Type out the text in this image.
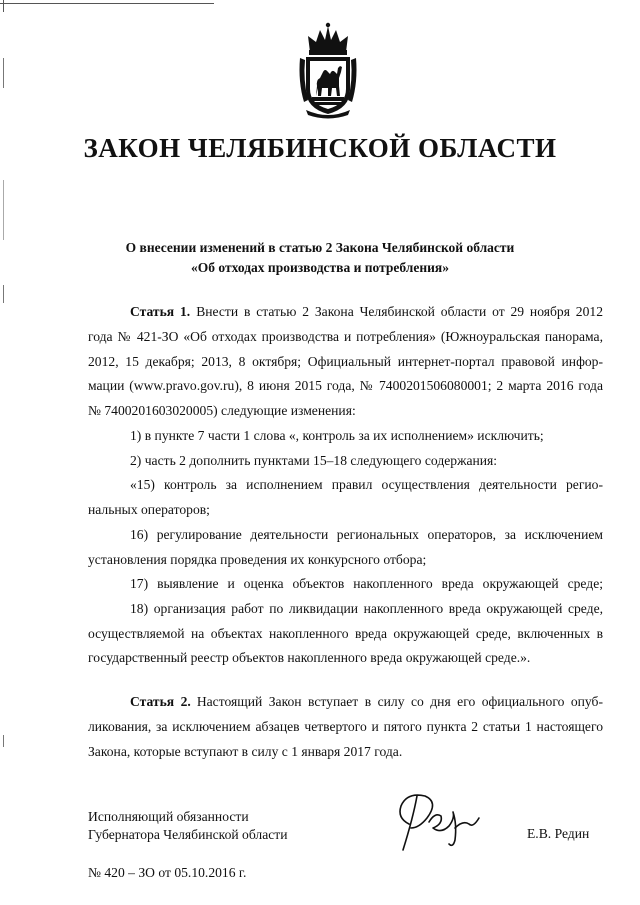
ЗАКОН ЧЕЛЯБИНСКОЙ ОБЛАСТИ
О внесении изменений в статью 2 Закона Челябинской области
«Об отходах производства и потребления»
Статья 1. Внести в статью 2 Закона Челябинской области от 29 ноября 2012
года № 421-ЗО «Об отходах производства и потребления» (Южноуральская панорама,
2012, 15 декабря; 2013, 8 октября; Официальный интернет-портал правовой инфор-
мации (www.pravo.gov.ru), 8 июня 2015 года, № 7400201506080001; 2 марта 2016 года
№ 7400201603020005) следующие изменения:
1) в пункте 7 части 1 слова «, контроль за их исполнением» исключить;
2) часть 2 дополнить пунктами 15–18 следующего содержания:
«15) контроль за исполнением правил осуществления деятельности регио-
нальных операторов;
16) регулирование деятельности региональных операторов, за исключением
установления порядка проведения их конкурсного отбора;
17) выявление и оценка объектов накопленного вреда окружающей среде;
18) организация работ по ликвидации накопленного вреда окружающей среде,
осуществляемой на объектах накопленного вреда окружающей среде, включенных в
государственный реестр объектов накопленного вреда окружающей среде.».
Статья 2. Настоящий Закон вступает в силу со дня его официального опуб-
ликования, за исключением абзацев четвертого и пятого пункта 2 статьи 1 настоящего
Закона, которые вступают в силу с 1 января 2017 года.
Исполняющий обязанности
Губернатора Челябинской области	Е.В. Редин
№ 420 – ЗО от 05.10.2016 г.
